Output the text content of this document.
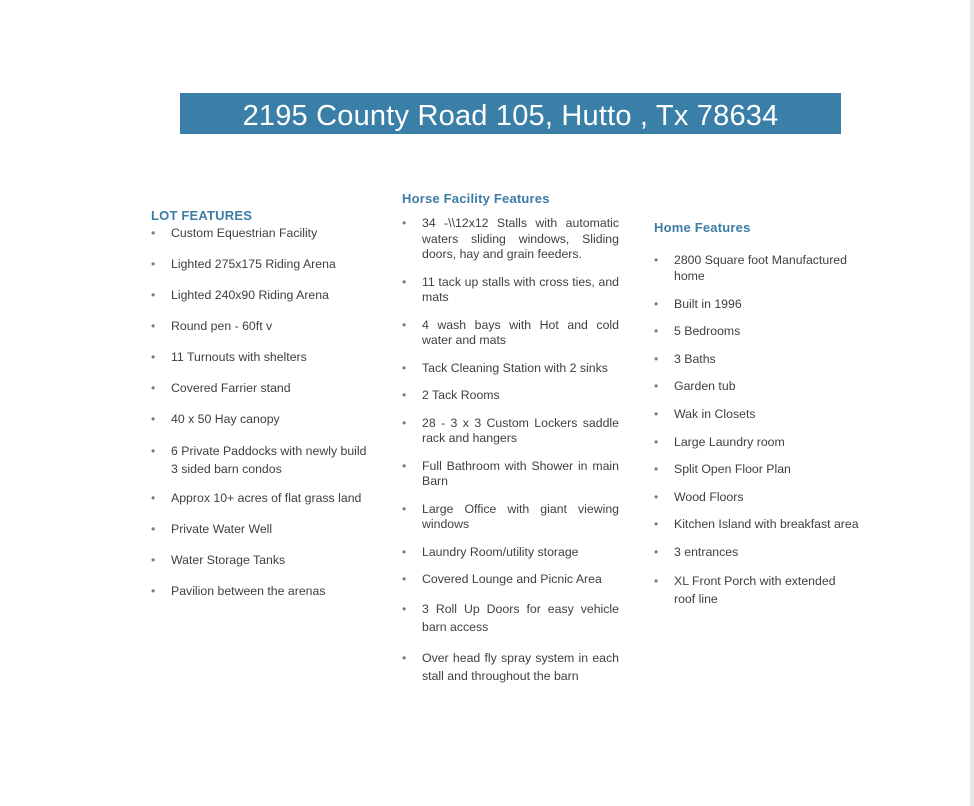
2195 County Road 105, Hutto , Tx 78634
LOT FEATURES
• Custom Equestrian Facility
• Lighted 275x175 Riding Arena
• Lighted 240x90 Riding Arena
• Round pen - 60ft v
• 11 Turnouts with shelters
• Covered Farrier stand
• 40 x 50 Hay canopy
• 6 Private Paddocks with newly build 3 sided barn condos
• Approx 10+ acres of flat grass land
• Private Water Well
• Water Storage Tanks
• Pavilion between the arenas
Horse Facility Features
• 34 -\\12x12 Stalls with automatic waters sliding windows, Sliding doors, hay and grain feeders.
• 11 tack up stalls with cross ties, and mats
• 4 wash bays with Hot and cold water and mats
• Tack Cleaning Station with 2 sinks
• 2 Tack Rooms
• 28 - 3 x 3 Custom Lockers saddle rack and hangers
• Full Bathroom with Shower in main Barn
• Large Office with giant viewing windows
• Laundry Room/utility storage
• Covered Lounge and Picnic Area
• 3 Roll Up Doors for easy vehicle barn access
• Over head fly spray system in each stall and throughout the barn
Home Features
• 2800 Square foot Manufactured home
• Built in 1996
• 5 Bedrooms
• 3 Baths
• Garden tub
• Wak in Closets
• Large Laundry room
• Split Open Floor Plan
• Wood Floors
• Kitchen Island with breakfast area
• 3 entrances
• XL Front Porch with extended roof line
